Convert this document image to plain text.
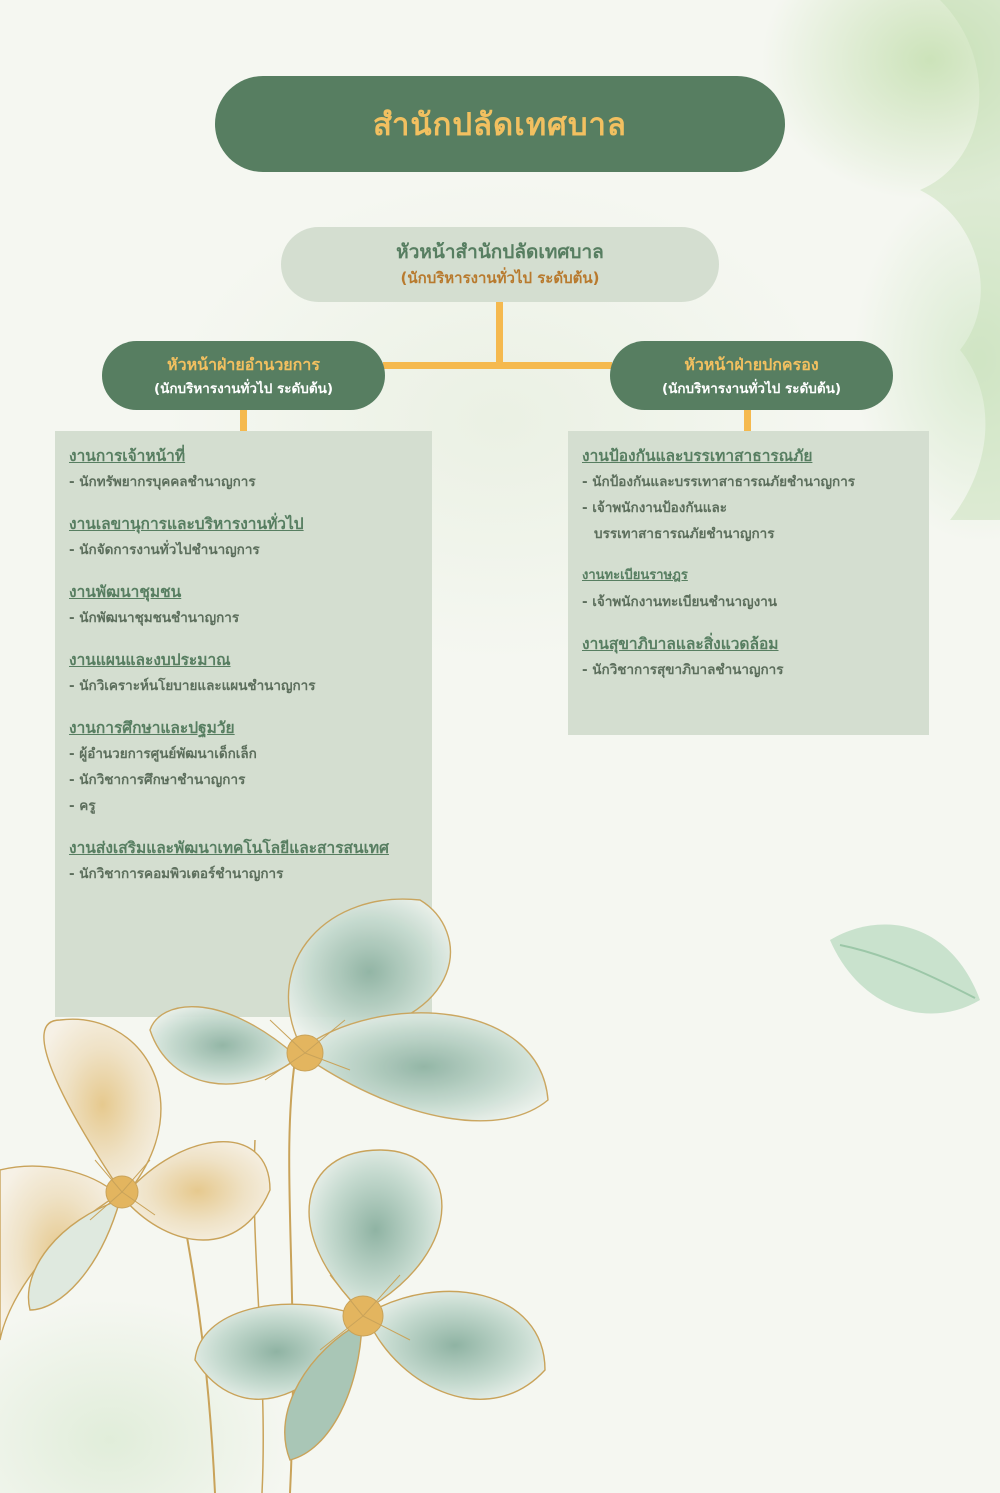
สำนักปลัดเทศบาล
หัวหน้าสำนักปลัดเทศบาล
(นักบริหารงานทั่วไป ระดับต้น)
หัวหน้าฝ่ายอำนวยการ
(นักบริหารงานทั่วไป ระดับต้น)
หัวหน้าฝ่ายปกครอง
(นักบริหารงานทั่วไป ระดับต้น)
งานการเจ้าหน้าที่
- นักทรัพยากรบุคคลชำนาญการ
งานเลขานุการและบริหารงานทั่วไป
- นักจัดการงานทั่วไปชำนาญการ
งานพัฒนาชุมชน
- นักพัฒนาชุมชนชำนาญการ
งานแผนและงบประมาณ
- นักวิเคราะห์นโยบายและแผนชำนาญการ
งานการศึกษาและปฐมวัย
- ผู้อำนวยการศูนย์พัฒนาเด็กเล็ก
- นักวิชาการศึกษาชำนาญการ
- ครู
งานส่งเสริมและพัฒนาเทคโนโลยีและสารสนเทศ
- นักวิชาการคอมพิวเตอร์ชำนาญการ
งานป้องกันและบรรเทาสาธารณภัย
- นักป้องกันและบรรเทาสาธารณภัยชำนาญการ
- เจ้าพนักงานป้องกันและ
บรรเทาสาธารณภัยชำนาญการ
งานทะเบียนราษฎร
- เจ้าพนักงานทะเบียนชำนาญงาน
งานสุขาภิบาลและสิ่งแวดล้อม
- นักวิชาการสุขาภิบาลชำนาญการ
